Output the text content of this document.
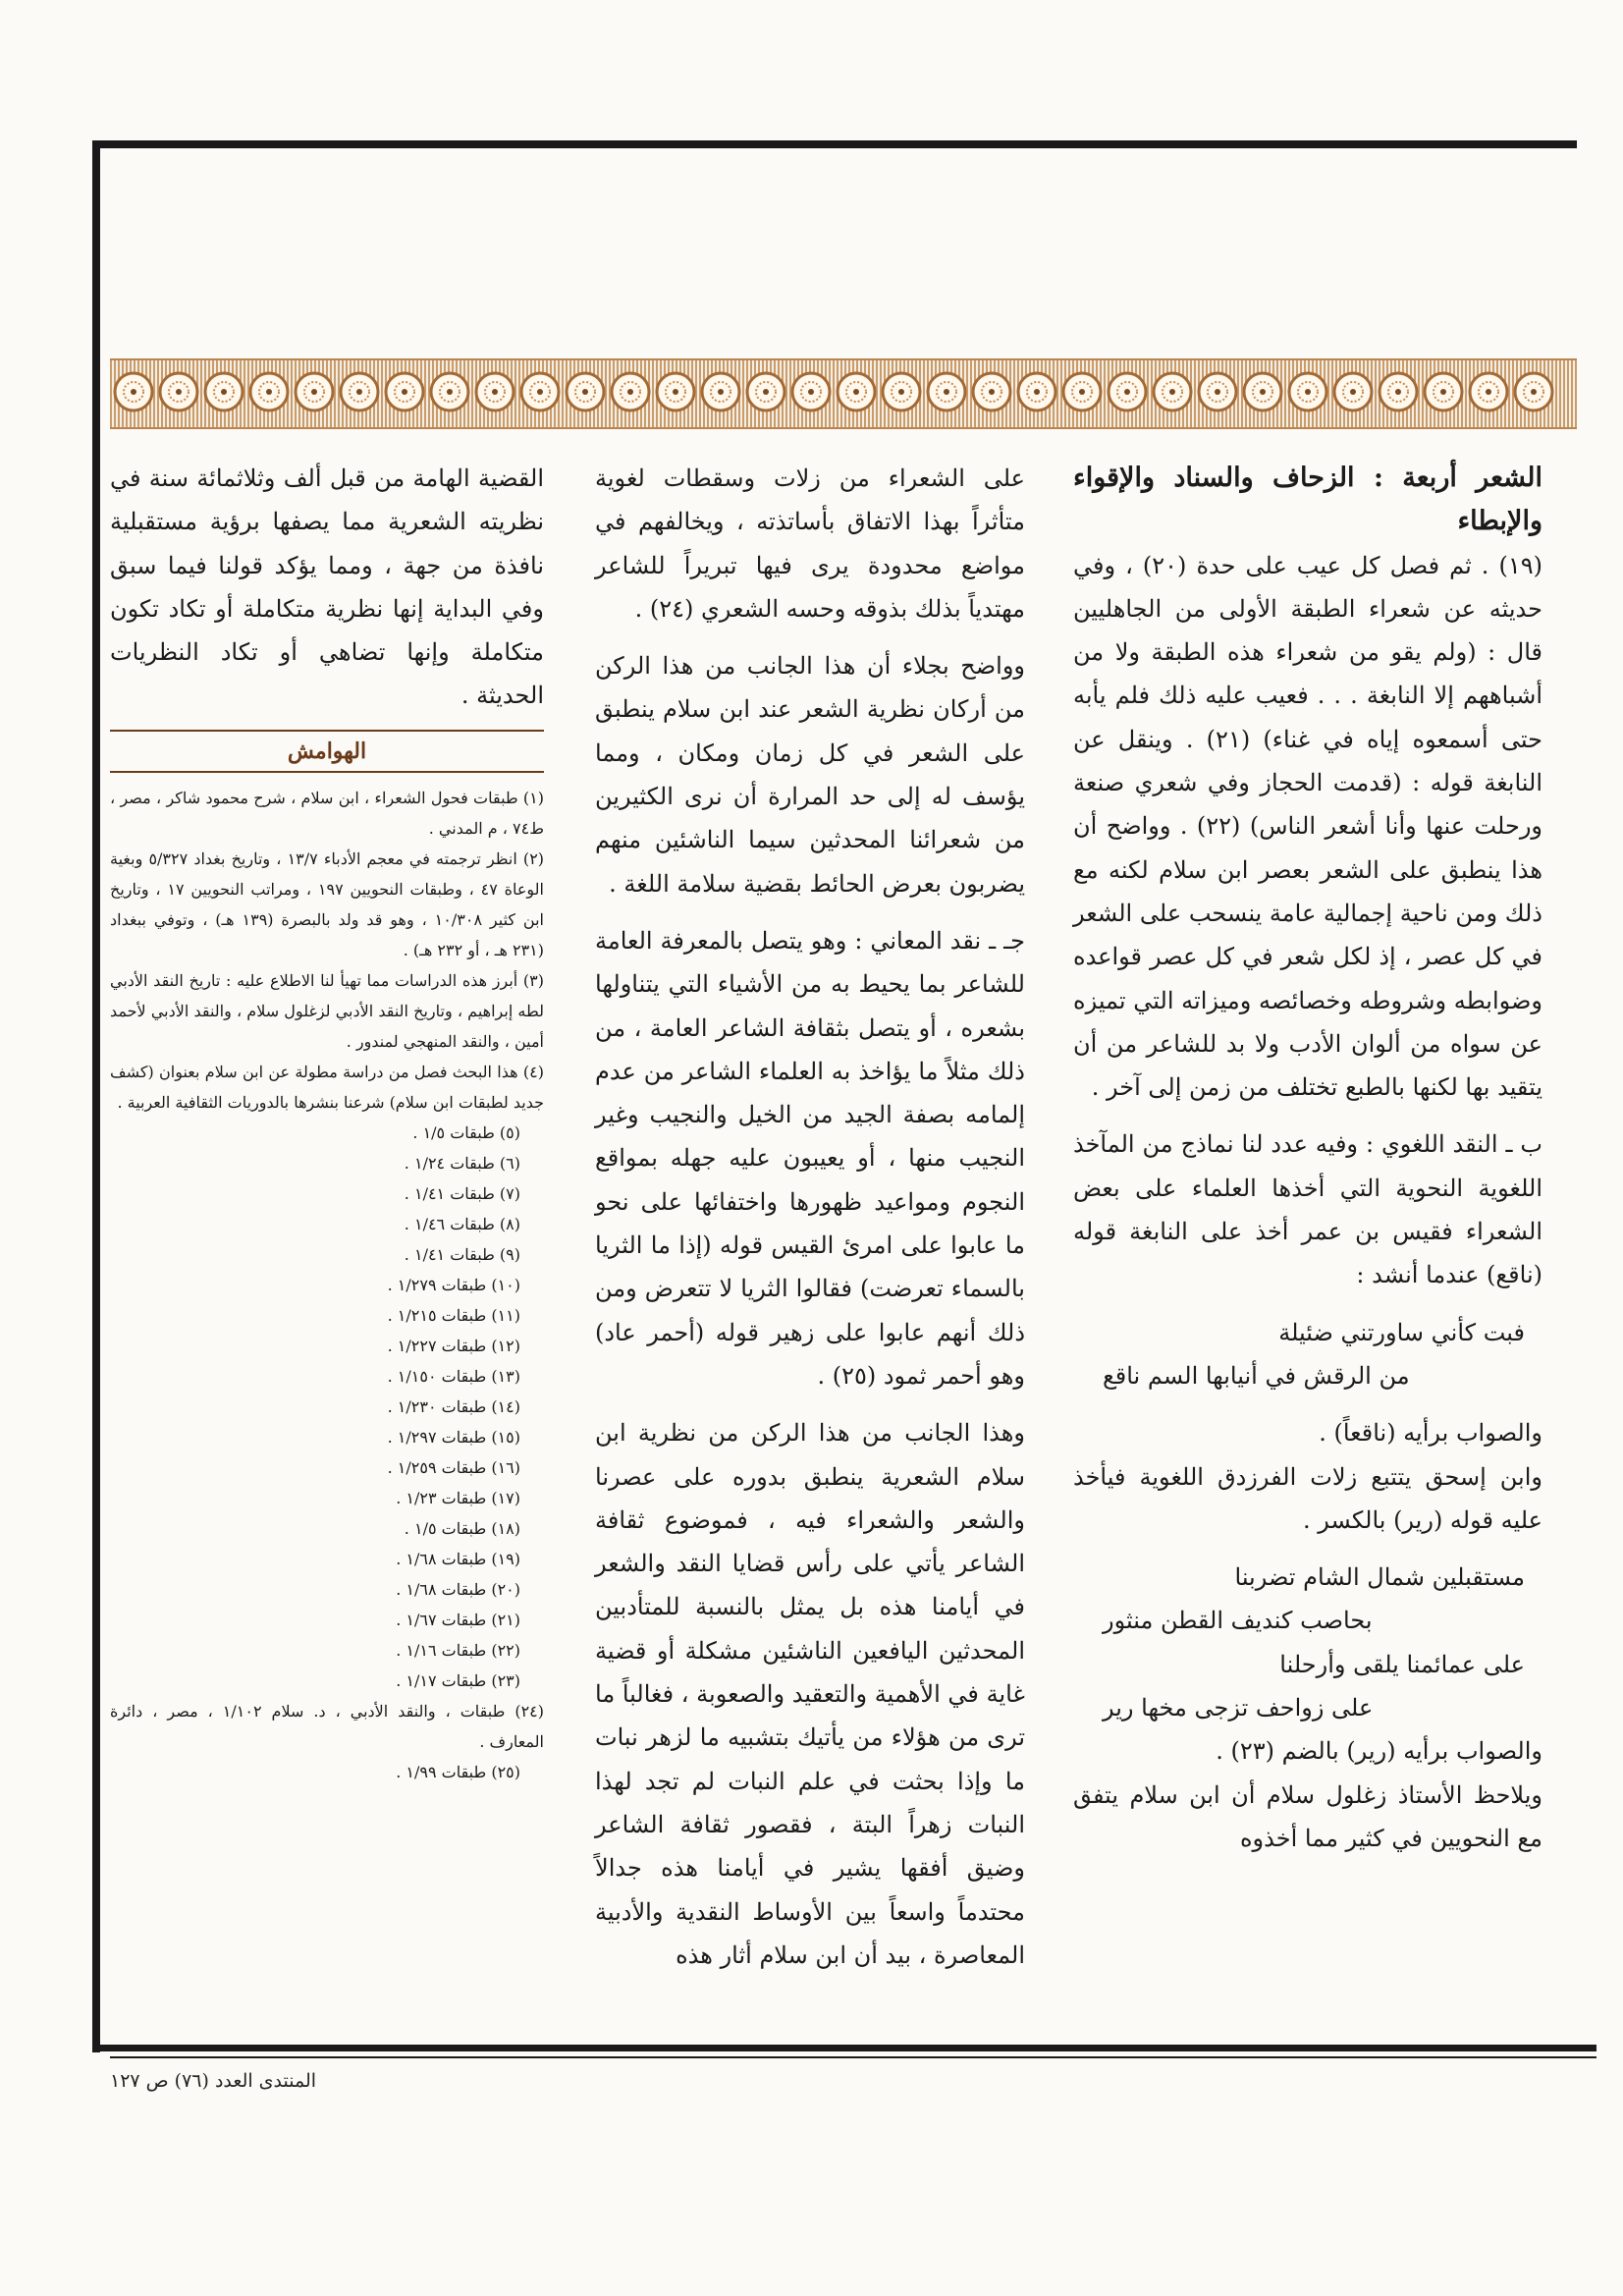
الشعر أربعة : الزحاف والسناد والإقواء والإبطاء

(١٩) . ثم فصل كل عيب على حدة (٢٠) ، وفي حديثه عن شعراء الطبقة الأولى من الجاهليين قال : (ولم يقو من شعراء هذه الطبقة ولا من أشباههم إلا النابغة . . . فعيب عليه ذلك فلم يأبه حتى أسمعوه إياه في غناء) (٢١) . وينقل عن النابغة قوله : (قدمت الحجاز وفي شعري صنعة ورحلت عنها وأنا أشعر الناس) (٢٢) . وواضح أن هذا ينطبق على الشعر بعصر ابن سلام لكنه مع ذلك ومن ناحية إجمالية عامة ينسحب على الشعر في كل عصر ، إذ لكل شعر في كل عصر قواعده وضوابطه وشروطه وخصائصه وميزاته التي تميزه عن سواه من ألوان الأدب ولا بد للشاعر من أن يتقيد بها لكنها بالطبع تختلف من زمن إلى آخر .

ب ـ النقد اللغوي : وفيه عدد لنا نماذج من المآخذ اللغوية النحوية التي أخذها العلماء على بعض الشعراء فقيس بن عمر أخذ على النابغة قوله (ناقع) عندما أنشد :

فبت كأني ساورتني ضئيلة

من الرقش في أنيابها السم ناقع

والصواب برأيه (ناقعاً) .

وابن إسحق يتتبع زلات الفرزدق اللغوية فيأخذ عليه قوله (رير) بالكسر .

مستقبلين شمال الشام تضربنا

بحاصب كنديف القطن منثور

على عمائمنا يلقى وأرحلنا

على زواحف تزجى مخها رير

والصواب برأيه (رير) بالضم (٢٣) .

ويلاحظ الأستاذ زغلول سلام أن ابن سلام يتفق مع النحويين في كثير مما أخذوه

على الشعراء من زلات وسقطات لغوية متأثراً بهذا الاتفاق بأساتذته ، ويخالفهم في مواضع محدودة يرى فيها تبريراً للشاعر مهتدياً بذلك بذوقه وحسه الشعري (٢٤) .

وواضح بجلاء أن هذا الجانب من هذا الركن من أركان نظرية الشعر عند ابن سلام ينطبق على الشعر في كل زمان ومكان ، ومما يؤسف له إلى حد المرارة أن نرى الكثيرين من شعرائنا المحدثين سيما الناشئين منهم يضربون بعرض الحائط بقضية سلامة اللغة .

جـ ـ نقد المعاني : وهو يتصل بالمعرفة العامة للشاعر بما يحيط به من الأشياء التي يتناولها بشعره ، أو يتصل بثقافة الشاعر العامة ، من ذلك مثلاً ما يؤاخذ به العلماء الشاعر من عدم إلمامه بصفة الجيد من الخيل والنجيب وغير النجيب منها ، أو يعيبون عليه جهله بمواقع النجوم ومواعيد ظهورها واختفائها على نحو ما عابوا على امرئ القيس قوله (إذا ما الثريا بالسماء تعرضت) فقالوا الثريا لا تتعرض ومن ذلك أنهم عابوا على زهير قوله (أحمر عاد) وهو أحمر ثمود (٢٥) .

وهذا الجانب من هذا الركن من نظرية ابن سلام الشعرية ينطبق بدوره على عصرنا والشعر والشعراء فيه ، فموضوع ثقافة الشاعر يأتي على رأس قضايا النقد والشعر في أيامنا هذه بل يمثل بالنسبة للمتأدبين المحدثين اليافعين الناشئين مشكلة أو قضية غاية في الأهمية والتعقيد والصعوبة ، فغالباً ما ترى من هؤلاء من يأتيك بتشبيه ما لزهر نبات ما وإذا بحثت في علم النبات لم تجد لهذا النبات زهراً البتة ، فقصور ثقافة الشاعر وضيق أفقها يشير في أيامنا هذه جدالاً محتدماً واسعاً بين الأوساط النقدية والأدبية المعاصرة ، بيد أن ابن سلام أثار هذه

القضية الهامة من قبل ألف وثلاثمائة سنة في نظريته الشعرية مما يصفها برؤية مستقبلية نافذة من جهة ، ومما يؤكد قولنا فيما سبق وفي البداية إنها نظرية متكاملة أو تكاد تكون متكاملة وإنها تضاهي أو تكاد النظريات الحديثة .

الهوامش

(١) طبقات فحول الشعراء ، ابن سلام ، شرح محمود شاكر ، مصر ، ط٧٤ ، م المدني .

(٢) انظر ترجمته في معجم الأدباء ١٣/٧ ، وتاريخ بغداد ٥/٣٢٧ وبغية الوعاة ٤٧ ، وطبقات النحويين ١٩٧ ، ومراتب النحويين ١٧ ، وتاريخ ابن كثير ١٠/٣٠٨ ، وهو قد ولد بالبصرة (١٣٩ هـ) ، وتوفي ببغداد (٢٣١ هـ ، أو ٢٣٢ هـ) .

(٣) أبرز هذه الدراسات مما تهيأ لنا الاطلاع عليه : تاريخ النقد الأدبي لطه إبراهيم ، وتاريخ النقد الأدبي لزغلول سلام ، والنقد الأدبي لأحمد أمين ، والنقد المنهجي لمندور .

(٤) هذا البحث فصل من دراسة مطولة عن ابن سلام بعنوان (كشف جديد لطبقات ابن سلام) شرعنا بنشرها بالدوريات الثقافية العربية .

(٥) طبقات ١/٥ .

(٦) طبقات ١/٢٤ .

(٧) طبقات ١/٤١ .

(٨) طبقات ١/٤٦ .

(٩) طبقات ١/٤١ .

(١٠) طبقات ١/٢٧٩ .

(١١) طبقات ١/٢١٥ .

(١٢) طبقات ١/٢٢٧ .

(١٣) طبقات ١/١٥٠ .

(١٤) طبقات ١/٢٣٠ .

(١٥) طبقات ١/٢٩٧ .

(١٦) طبقات ١/٢٥٩ .

(١٧) طبقات ١/٢٣ .

(١٨) طبقات ١/٥ .

(١٩) طبقات ١/٦٨ .

(٢٠) طبقات ١/٦٨ .

(٢١) طبقات ١/٦٧ .

(٢٢) طبقات ١/١٦ .

(٢٣) طبقات ١/١٧ .

(٢٤) طبقات ، والنقد الأدبي ، د. سلام ١/١٠٢ ، مصر ، دائرة المعارف .

(٢٥) طبقات ١/٩٩ .

المنتدى العدد (٧٦) ص ١٢٧
